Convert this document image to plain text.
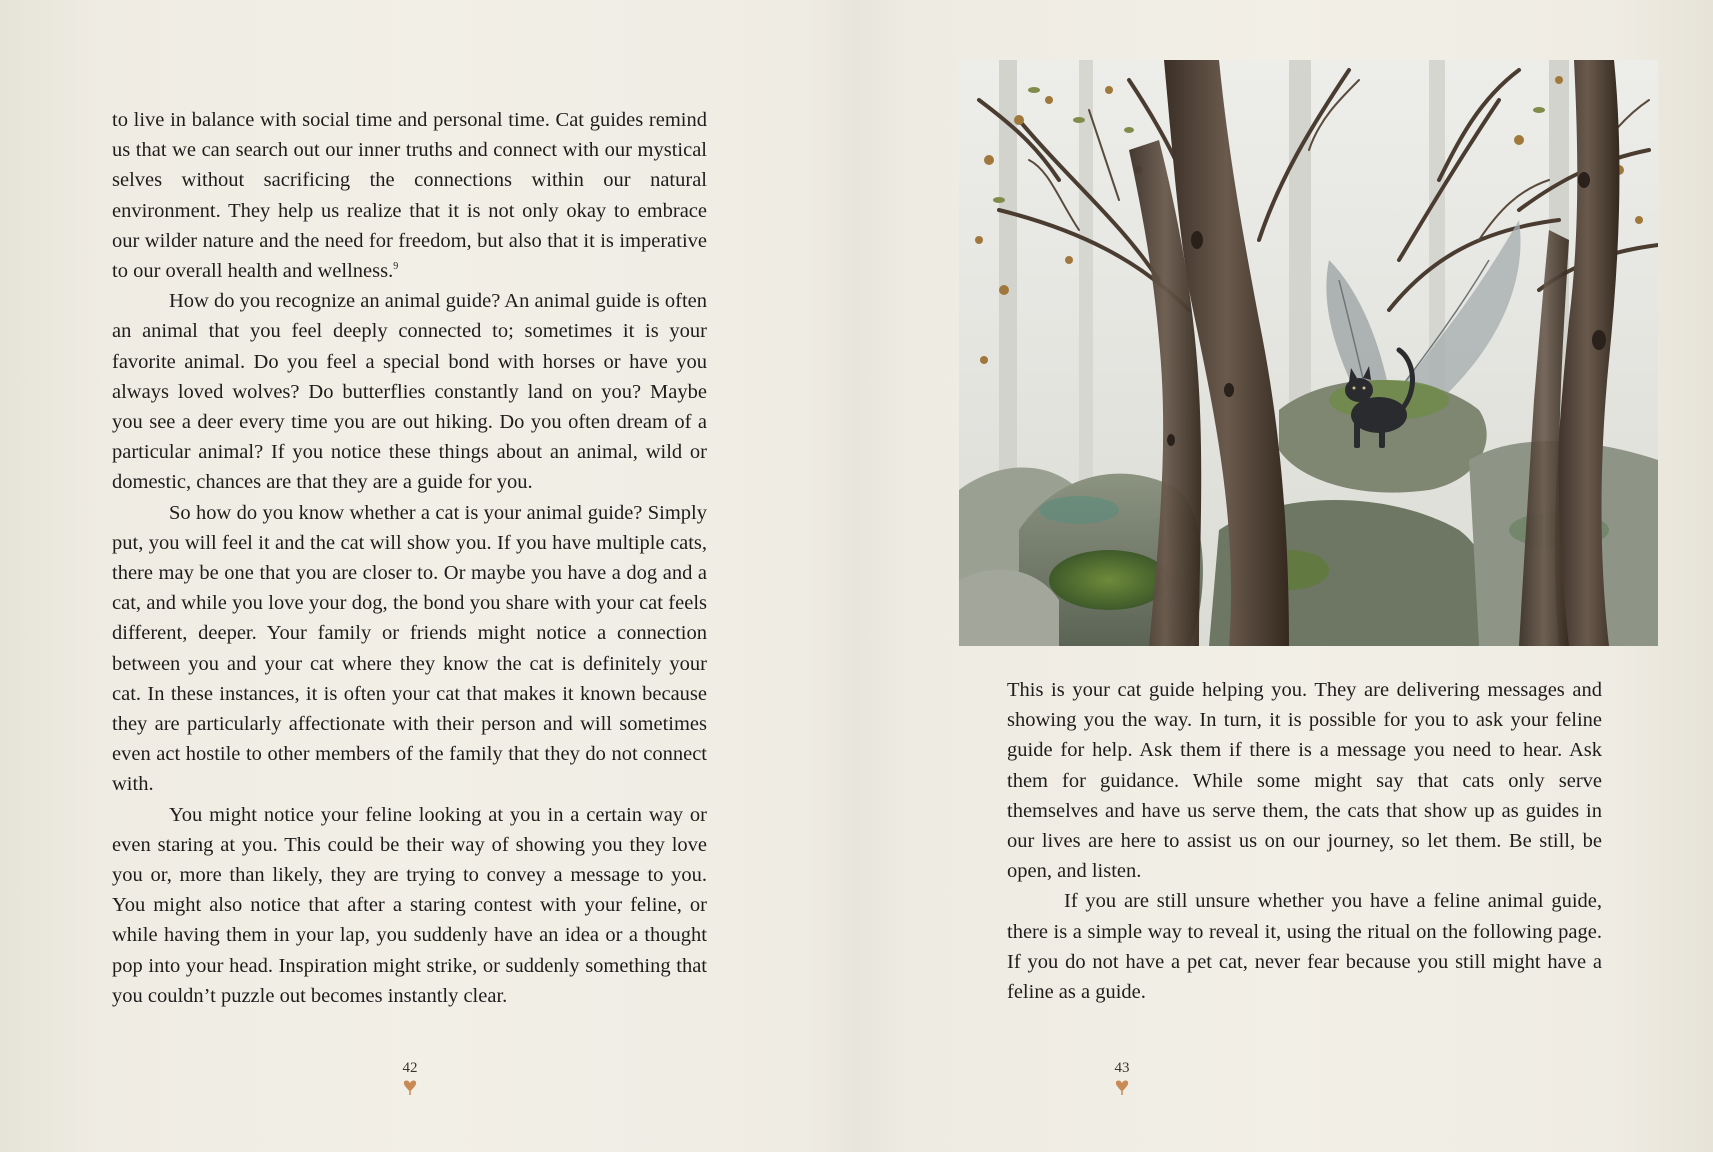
to live in balance with social time and personal time. Cat guides remind us that we can search out our inner truths and connect with our mystical selves without sacrificing the connections within our natural environment. They help us realize that it is not only okay to embrace our wilder nature and the need for freedom, but also that it is imperative to our overall health and wellness.$^9$

How do you recognize an animal guide? An animal guide is often an animal that you feel deeply connected to; sometimes it is your favorite animal. Do you feel a special bond with horses or have you always loved wolves? Do butterflies constantly land on you? Maybe you see a deer every time you are out hiking. Do you often dream of a particular animal? If you notice these things about an animal, wild or domestic, chances are that they are a guide for you.

So how do you know whether a cat is your animal guide? Simply put, you will feel it and the cat will show you. If you have multiple cats, there may be one that you are closer to. Or maybe you have a dog and a cat, and while you love your dog, the bond you share with your cat feels different, deeper. Your family or friends might notice a connection between you and your cat where they know the cat is definitely your cat. In these instances, it is often your cat that makes it known because they are particularly affectionate with their person and will sometimes even act hostile to other members of the family that they do not connect with.

You might notice your feline looking at you in a certain way or even staring at you. This could be their way of showing you they love you or, more than likely, they are trying to convey a message to you. You might also notice that after a staring contest with your feline, or while having them in your lap, you suddenly have an idea or a thought pop into your head. Inspiration might strike, or suddenly something that you couldn’t puzzle out becomes instantly clear.

42

This is your cat guide helping you. They are delivering messages and showing you the way. In turn, it is possible for you to ask your feline guide for help. Ask them if there is a message you need to hear. Ask them for guidance. While some might say that cats only serve themselves and have us serve them, the cats that show up as guides in our lives are here to assist us on our journey, so let them. Be still, be open, and listen.

If you are still unsure whether you have a feline animal guide, there is a simple way to reveal it, using the ritual on the following page. If you do not have a pet cat, never fear because you still might have a feline as a guide.

43
